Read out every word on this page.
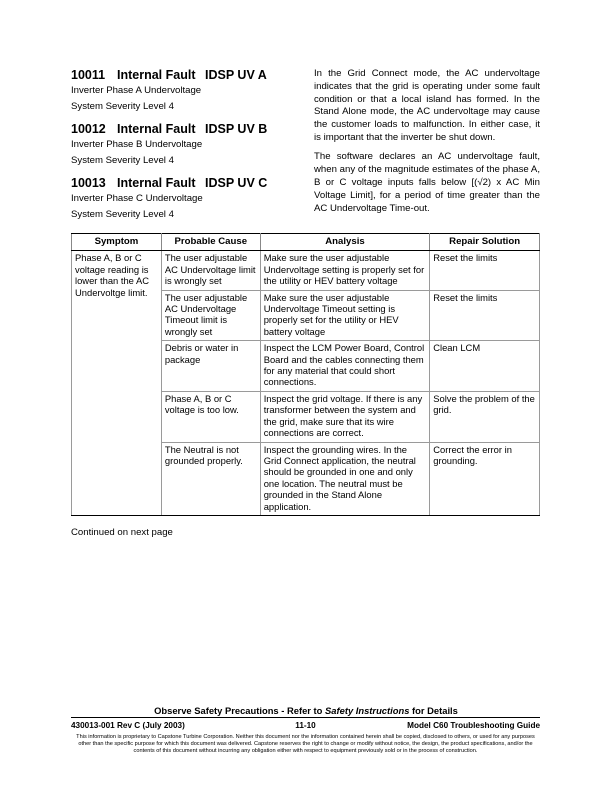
10011 Internal Fault IDSP UV A
Inverter Phase A Undervoltage
System Severity Level 4
10012 Internal Fault IDSP UV B
Inverter Phase B Undervoltage
System Severity Level 4
10013 Internal Fault IDSP UV C
Inverter Phase C Undervoltage
System Severity Level 4

In the Grid Connect mode, the AC undervoltage indicates that the grid is operating under some fault condition or that a local island has formed. In the Stand Alone mode, the AC undervoltage may cause the customer loads to malfunction. In either case, it is important that the inverter be shut down.

The software declares an AC undervoltage fault, when any of the magnitude estimates of the phase A, B or C voltage inputs falls below [(√2) x AC Min Voltage Limit], for a period of time greater than the AC Undervoltage Time-out.

Symptom	Probable Cause	Analysis	Repair Solution
Phase A, B or C voltage reading is lower than the AC Undervoltge limit.	The user adjustable AC Undervoltage limit is wrongly set	Make sure the user adjustable Undervoltage setting is properly set for the utility or HEV battery voltage	Reset the limits
	The user adjustable AC Undervoltage Timeout limit is wrongly set	Make sure the user adjustable Undervoltage Timeout setting is properly set for the utility or HEV battery voltage	Reset the limits
	Debris or water in package	Inspect the LCM Power Board, Control Board and the cables connecting them for any material that could short connections.	Clean LCM
	Phase A, B or C voltage is too low.	Inspect the grid voltage. If there is any transformer between the system and the grid, make sure that its wire connections are correct.	Solve the problem of the grid.
	The Neutral is not grounded properly.	Inspect the grounding wires. In the Grid Connect application, the neutral should be grounded in one and only one location. The neutral must be grounded in the Stand Alone application.	Correct the error in grounding.
Continued on next page
Observe Safety Precautions - Refer to Safety Instructions for Details
430013-001 Rev C (July 2003)	11-10	Model C60 Troubleshooting Guide
This information is proprietary to Capstone Turbine Corporation. Neither this document nor the information contained herein shall be copied, disclosed to others, or used for any purposes other than the specific purpose for which this document was delivered. Capstone reserves the right to change or modify without notice, the design, the product specifications, and/or the contents of this document without incurring any obligation either with respect to equipment previously sold or in the process of construction.
